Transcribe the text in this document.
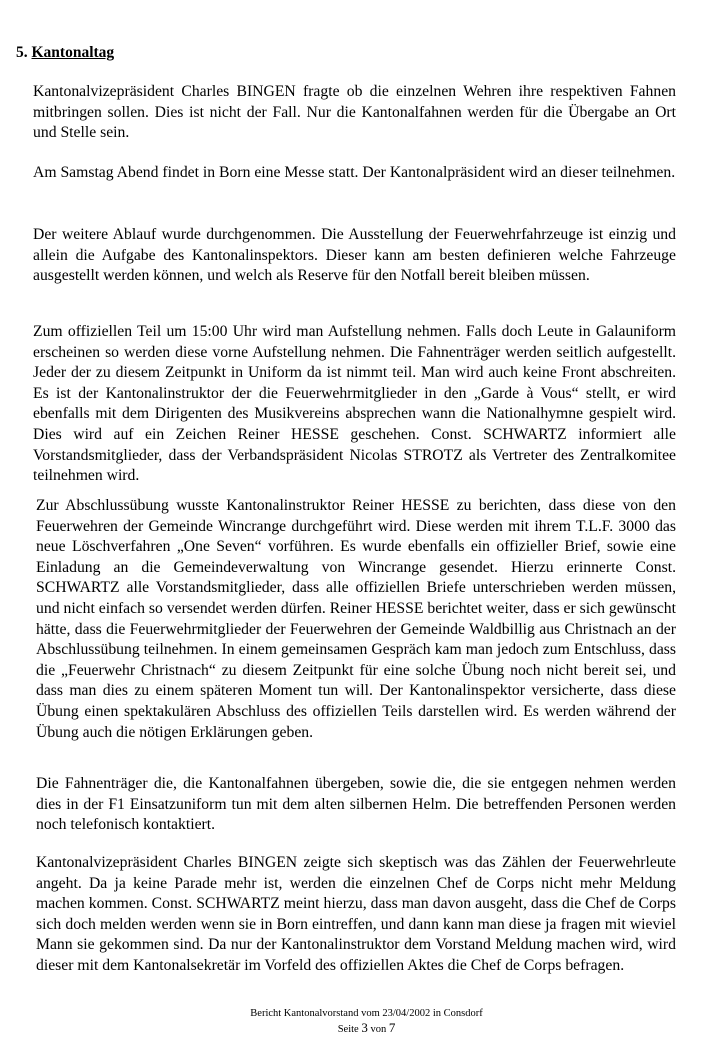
5. Kantonaltag

Kantonalvizepräsident Charles BINGEN fragte ob die einzelnen Wehren ihre respektiven Fahnen mitbringen sollen. Dies ist nicht der Fall. Nur die Kantonalfahnen werden für die Übergabe an Ort und Stelle sein.

Am Samstag Abend findet in Born eine Messe statt. Der Kantonalpräsident wird an dieser teilnehmen.

Der weitere Ablauf wurde durchgenommen. Die Ausstellung der Feuerwehrfahrzeuge ist einzig und allein die Aufgabe des Kantonalinspektors. Dieser kann am besten definieren welche Fahrzeuge ausgestellt werden können, und welch als Reserve für den Notfall bereit bleiben müssen.

Zum offiziellen Teil um 15:00 Uhr wird man Aufstellung nehmen. Falls doch Leute in Galauniform erscheinen so werden diese vorne Aufstellung nehmen. Die Fahnenträger werden seitlich aufgestellt. Jeder der zu diesem Zeitpunkt in Uniform da ist nimmt teil. Man wird auch keine Front abschreiten. Es ist der Kantonalinstruktor der die Feuerwehrmitglieder in den „Garde à Vous“ stellt, er wird ebenfalls mit dem Dirigenten des Musikvereins absprechen wann die Nationalhymne gespielt wird. Dies wird auf ein Zeichen Reiner HESSE geschehen. Const. SCHWARTZ informiert alle Vorstandsmitglieder, dass der Verbandspräsident Nicolas STROTZ als Vertreter des Zentralkomitee teilnehmen wird.

Zur Abschlussübung wusste Kantonalinstruktor Reiner HESSE zu berichten, dass diese von den Feuerwehren der Gemeinde Wincrange durchgeführt wird. Diese werden mit ihrem T.L.F. 3000 das neue Löschverfahren „One Seven“ vorführen. Es wurde ebenfalls ein offizieller Brief, sowie eine Einladung an die Gemeindeverwaltung von Wincrange gesendet. Hierzu erinnerte Const. SCHWARTZ alle Vorstandsmitglieder, dass alle offiziellen Briefe unterschrieben werden müssen, und nicht einfach so versendet werden dürfen. Reiner HESSE berichtet weiter, dass er sich gewünscht hätte, dass die Feuerwehrmitglieder der Feuerwehren der Gemeinde Waldbillig aus Christnach an der Abschlussübung teilnehmen. In einem gemeinsamen Gespräch kam man jedoch zum Entschluss, dass die „Feuerwehr Christnach“ zu diesem Zeitpunkt für eine solche Übung noch nicht bereit sei, und dass man dies zu einem späteren Moment tun will. Der Kantonalinspektor versicherte, dass diese Übung einen spektakulären Abschluss des offiziellen Teils darstellen wird. Es werden während der Übung auch die nötigen Erklärungen geben.

Die Fahnenträger die, die Kantonalfahnen übergeben, sowie die, die sie entgegen nehmen werden dies in der F1 Einsatzuniform tun mit dem alten silbernen Helm. Die betreffenden Personen werden noch telefonisch kontaktiert.

Kantonalvizepräsident Charles BINGEN zeigte sich skeptisch was das Zählen der Feuerwehrleute angeht. Da ja keine Parade mehr ist, werden die einzelnen Chef de Corps nicht mehr Meldung machen kommen. Const. SCHWARTZ meint hierzu, dass man davon ausgeht, dass die Chef de Corps sich doch melden werden wenn sie in Born eintreffen, und dann kann man diese ja fragen mit wieviel Mann sie gekommen sind. Da nur der Kantonalinstruktor dem Vorstand Meldung machen wird, wird dieser mit dem Kantonalsekretär im Vorfeld des offiziellen Aktes die Chef de Corps befragen.

Bericht Kantonalvorstand vom 23/04/2002 in Consdorf
Seite 3 von 7
